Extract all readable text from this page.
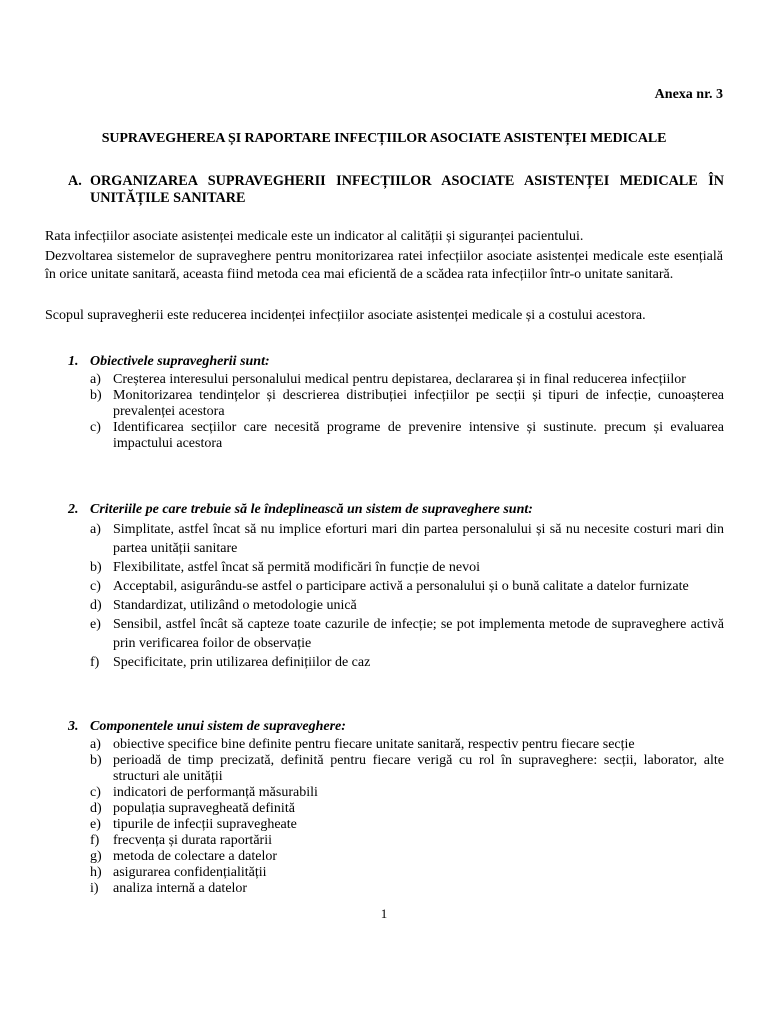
Anexa nr. 3
SUPRAVEGHEREA ȘI RAPORTARE INFECȚIILOR ASOCIATE ASISTENȚEI MEDICALE
A. ORGANIZAREA SUPRAVEGHERII INFECȚIILOR ASOCIATE ASISTENȚEI MEDICALE ÎN UNITĂȚILE SANITARE
Rata infecțiilor asociate asistenței medicale este un indicator al calității și siguranței pacientului.
Dezvoltarea sistemelor de supraveghere pentru monitorizarea ratei infecțiilor asociate asistenței medicale este esențială în orice unitate sanitară, aceasta fiind metoda cea mai eficientă de a scădea rata infecțiilor într-o unitate sanitară.
Scopul supravegherii este reducerea incidenței infecțiilor asociate asistenței medicale și a costului acestora.
1. Obiectivele supravegherii sunt:
a) Creșterea interesului personalului medical pentru depistarea, declararea și in final reducerea infecțiilor
b) Monitorizarea tendințelor și descrierea distribuției infecțiilor pe secții și tipuri de infecție, cunoașterea prevalenței acestora
c) Identificarea secțiilor care necesită programe de prevenire intensive și sustinute. precum și evaluarea impactului acestora
2. Criteriile pe care trebuie să le îndeplinească un sistem de supraveghere sunt:
a) Simplitate, astfel încat să nu implice eforturi mari din partea personalului și să nu necesite costuri mari din partea unității sanitare
b) Flexibilitate, astfel încat să permită modificări în funcție de nevoi
c) Acceptabil, asigurându-se astfel o participare activă a personalului și o bună calitate a datelor furnizate
d) Standardizat, utilizând o metodologie unică
e) Sensibil, astfel încât să capteze toate cazurile de infecție; se pot implementa metode de supraveghere activă prin verificarea foilor de observație
f) Specificitate, prin utilizarea definițiilor de caz
3. Componentele unui sistem de supraveghere:
a) obiective specifice bine definite pentru fiecare unitate sanitară, respectiv pentru fiecare secție
b) perioadă de timp precizată, definită pentru fiecare verigă cu rol în supraveghere: secții, laborator, alte structuri ale unității
c) indicatori de performanță măsurabili
d) populația supravegheată definită
e) tipurile de infecții supravegheate
f) frecvența și durata raportării
g) metoda de colectare a datelor
h) asigurarea confidențialității
i) analiza internă a datelor
1
